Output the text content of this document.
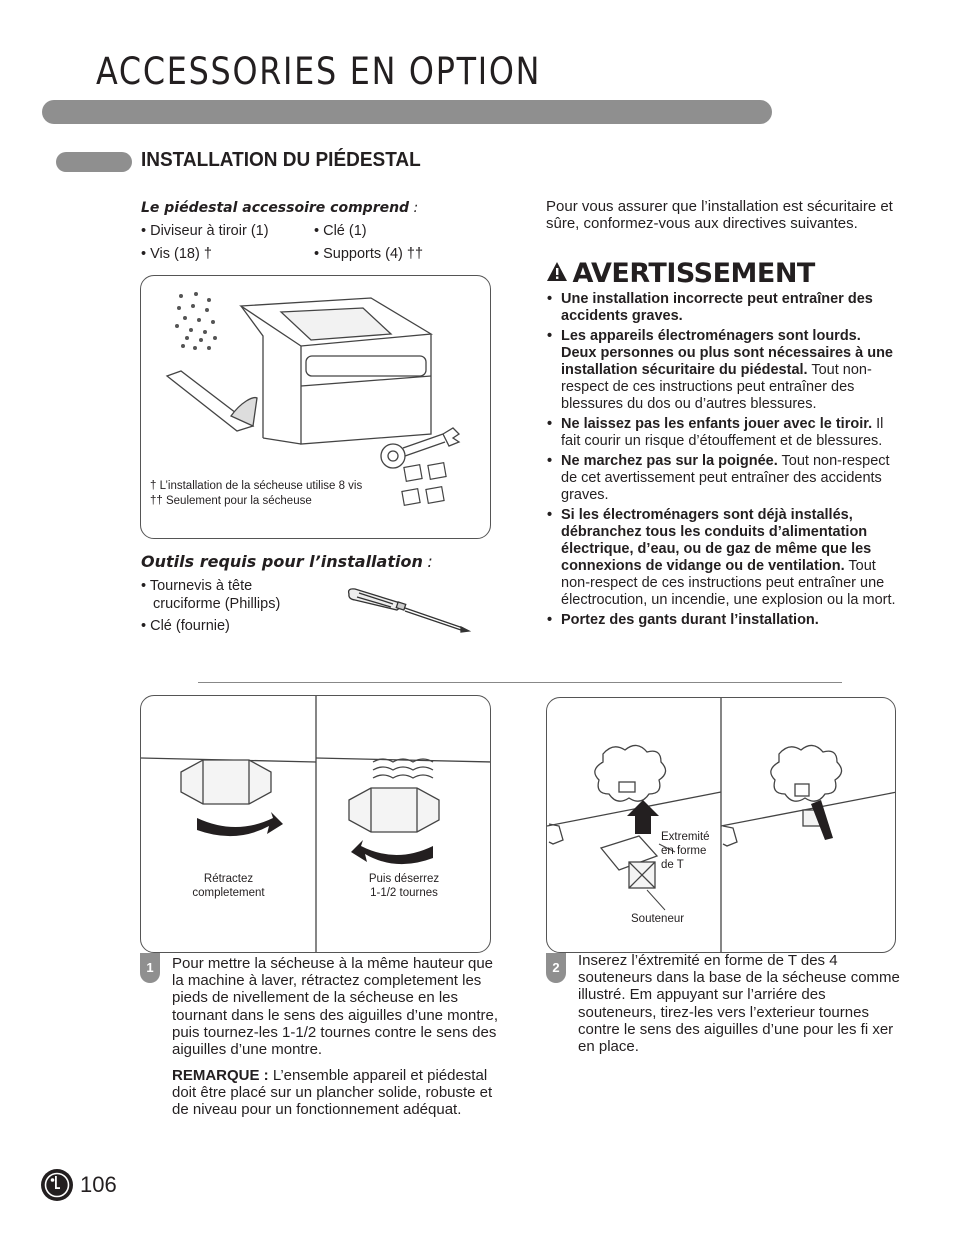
ACCESSORIES EN OPTION
INSTALLATION DU PIÉDESTAL
Le piédestal accessoire comprend :
• Diviseur à tiroir (1)	• Clé (1)
• Vis (18) †	• Supports (4) ††
† L’installation de la sécheuse utilise 8 vis
†† Seulement pour la sécheuse
Outils requis pour l’installation :
• Tournevis à tête
cruciforme (Phillips)
• Clé (fournie)
Pour vous assurer que l’installation est sécuritaire et sûre, conformez-vous aux directives suivantes.
AVERTISSEMENT
• Une installation incorrecte peut entraîner des accidents graves.
• Les appareils électroménagers sont lourds. Deux personnes ou plus sont nécessaires à une installation sécuritaire du piédestal. Tout non-respect de ces instructions peut entraîner des blessures du dos ou d’autres blessures.
• Ne laissez pas les enfants jouer avec le tiroir. Il fait courir un risque d’étouffement et de blessures.
• Ne marchez pas sur la poignée. Tout non-respect de cet avertissement peut entraîner des accidents graves.
• Si les électroménagers sont déjà installés, débranchez tous les conduits d’alimentation électrique, d’eau, ou de gaz de même que les connexions de vidange ou de ventilation. Tout non-respect de ces instructions peut entraîner une électrocution, un incendie, une explosion ou la mort.
• Portez des gants durant l’installation.
Rétractez
completement
Puis déserrez
1-1/2 tournes
Extremité
en forme
de T
Souteneur
1	Pour mettre la sécheuse à la même hauteur que la machine à laver, rétractez completement les pieds de nivellement de la sécheuse en les tournant dans le sens des aiguilles d’une montre, puis tournez-les 1-1/2 tournes contre le sens des aiguilles d’une montre.
REMARQUE : L’ensemble appareil et piédestal doit être placé sur un plancher solide, robuste et de niveau pour un fonctionnement adéquat.
2	Inserez l’éxtremité en forme de T des 4 souteneurs dans la base de la sécheuse comme illustré. Em appuyant sur l’arriére des souteneurs, tirez-les vers l’exterieur tournes contre le sens des aiguilles d’une pour les fi xer en place.
106
